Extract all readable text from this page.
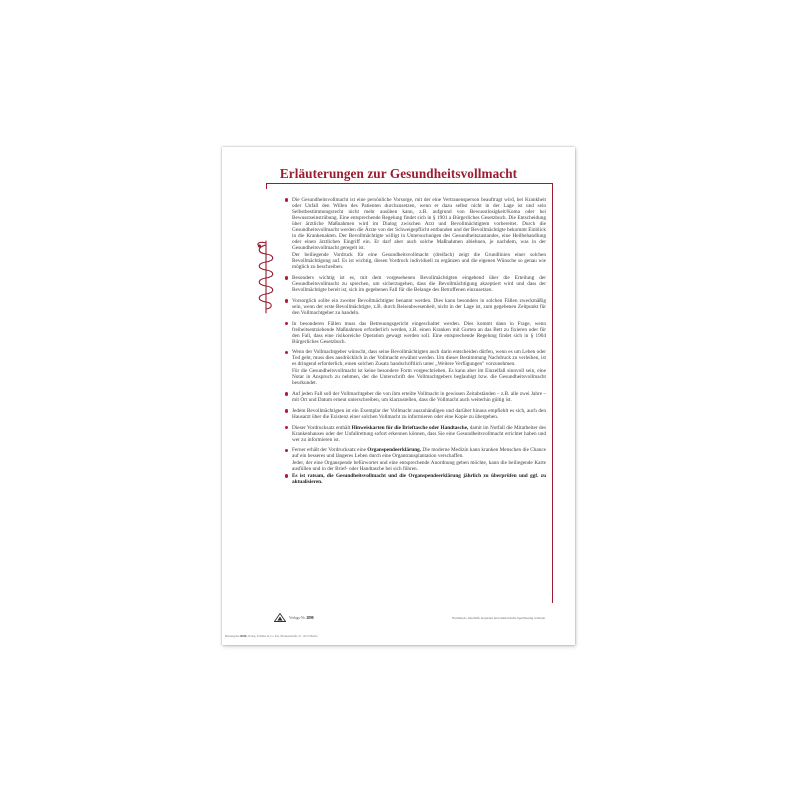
Erläuterungen zur Gesundheitsvollmacht

Die Gesundheitsvollmacht ist eine persönliche Vorsorge, mit der eine Vertrauensperson beauftragt wird, bei Krankheit oder Unfall den Willen des Patienten durchzusetzen, wenn er dazu selbst nicht in der Lage ist und sein Selbstbestimmungsrecht nicht mehr ausüben kann, z.B. aufgrund von Bewusstlosigkeit/Koma oder bei Bewusstseinstrübung. Eine entsprechende Regelung findet sich in § 1901 a Bürgerliches Gesetzbuch. Die Entscheidung über ärztliche Maßnahmen wird im Dialog zwischen Arzt und Bevollmächtigtem vorbereitet. Durch die Gesundheitsvollmacht werden die Ärzte von der Schweigepflicht entbunden und der Bevollmächtigte bekommt Einblick in die Krankenakten. Der Bevollmächtigte willigt in Untersuchungen des Gesundheitszustandes, eine Heilbehandlung oder einen ärztlichen Eingriff ein. Er darf aber auch solche Maßnahmen ablehnen, je nachdem, was in der Gesundheitsvollmacht geregelt ist.

Der beiliegende Vordruck für eine Gesundheitsvollmacht (dreifach) zeigt die Grundlinien einer solchen Bevollmächtigung auf. Es ist wichtig, diesen Vordruck individuell zu ergänzen und die eigenen Wünsche so genau wie möglich zu beschreiben.

Besonders wichtig ist es, mit dem vorgesehenen Bevollmächtigten eingehend über die Erteilung der Gesundheitsvollmacht zu sprechen, um sicherzugehen, dass die Bevollmächtigung akzeptiert wird und dass der Bevollmächtigte bereit ist, sich im gegebenen Fall für die Belange des Betroffenen einzusetzen.

Vorsorglich sollte ein zweiter Bevollmächtigter benannt werden. Dies kann besonders in solchen Fällen zweckmäßig sein, wenn der erste Bevollmächtigte, z.B. durch Reiseabwesenheit, nicht in der Lage ist, zum gegebenen Zeitpunkt für den Vollmachtgeber zu handeln.

In besonderen Fällen muss das Betreuungsgericht eingeschaltet werden. Dies kommt dann in Frage, wenn freiheitsentziehende Maßnahmen erforderlich werden, z.B. einen Kranken mit Gurten an das Bett zu fixieren oder für den Fall, dass eine risikoreiche Operation gewagt werden soll. Eine entsprechende Regelung findet sich in § 1904 Bürgerliches Gesetzbuch.

Wenn der Vollmachtgeber wünscht, dass seine Bevollmächtigten auch darin entscheiden dürfen, wenn es um Leben oder Tod geht, muss dies ausdrücklich in der Vollmacht erwähnt werden. Um dieser Bestimmung Nachdruck zu verleihen, ist es dringend erforderlich, einen solchen Zusatz handschriftlich unter „Weitere Verfügungen" vorzunehmen.

Für die Gesundheitsvollmacht ist keine besondere Form vorgeschrieben. Es kann aber im Einzelfall sinnvoll sein, eine Notar in Anspruch zu nehmen, der die Unterschrift des Vollmachtgebers beglaubigt bzw. die Gesundheitsvollmacht beurkundet.

Auf jeden Fall soll der Vollmachtgeber die von ihm erteilte Vollmacht in gewissen Zeitabständen – z.B. alle zwei Jahre – mit Ort und Datum erneut unterschreiben, um klarzustellen, dass die Vollmacht auch weiterhin gültig ist.

Jedem Bevollmächtigten ist ein Exemplar der Vollmacht auszuhändigen und darüber hinaus empfiehlt es sich, auch den Hausarzt über die Existenz einer solchen Vollmacht zu informieren oder eine Kopie zu übergeben.

Dieser Vordrucksatz enthält Hinweiskarten für die Brieftasche oder Handtasche, damit im Notfall die Mitarbeiter des Krankenhauses oder der Unfallrettung sofort erkennen können, dass Sie eine Gesundheitsvollmacht errichtet haben und wer zu informieren ist.

Ferner erhält der Vordrucksatz eine Organspendeerklärung. Die moderne Medizin kann kranken Menschen die Chance auf ein besseres und längeres Leben durch eine Organtransplantation verschaffen.

Jeder, der eine Organspende befürwortet und eine entsprechende Anordnung geben möchte, kann die beiliegende Karte ausfüllen und in der Brief- oder Handtasche bei sich führen.

Es ist ratsam, die Gesundheitsvollmacht und die Organspendeerklärung jährlich zu überprüfen und ggf. zu aktualisieren.

Verlags-Nr. 2890	Nachdruck, Abschrift, Kopieren und elektronische Speicherung verboten
Herausgeber RNK-Verlag, Schlüter & Co. KG, Brunnenstraße 47, 10115 Berlin
